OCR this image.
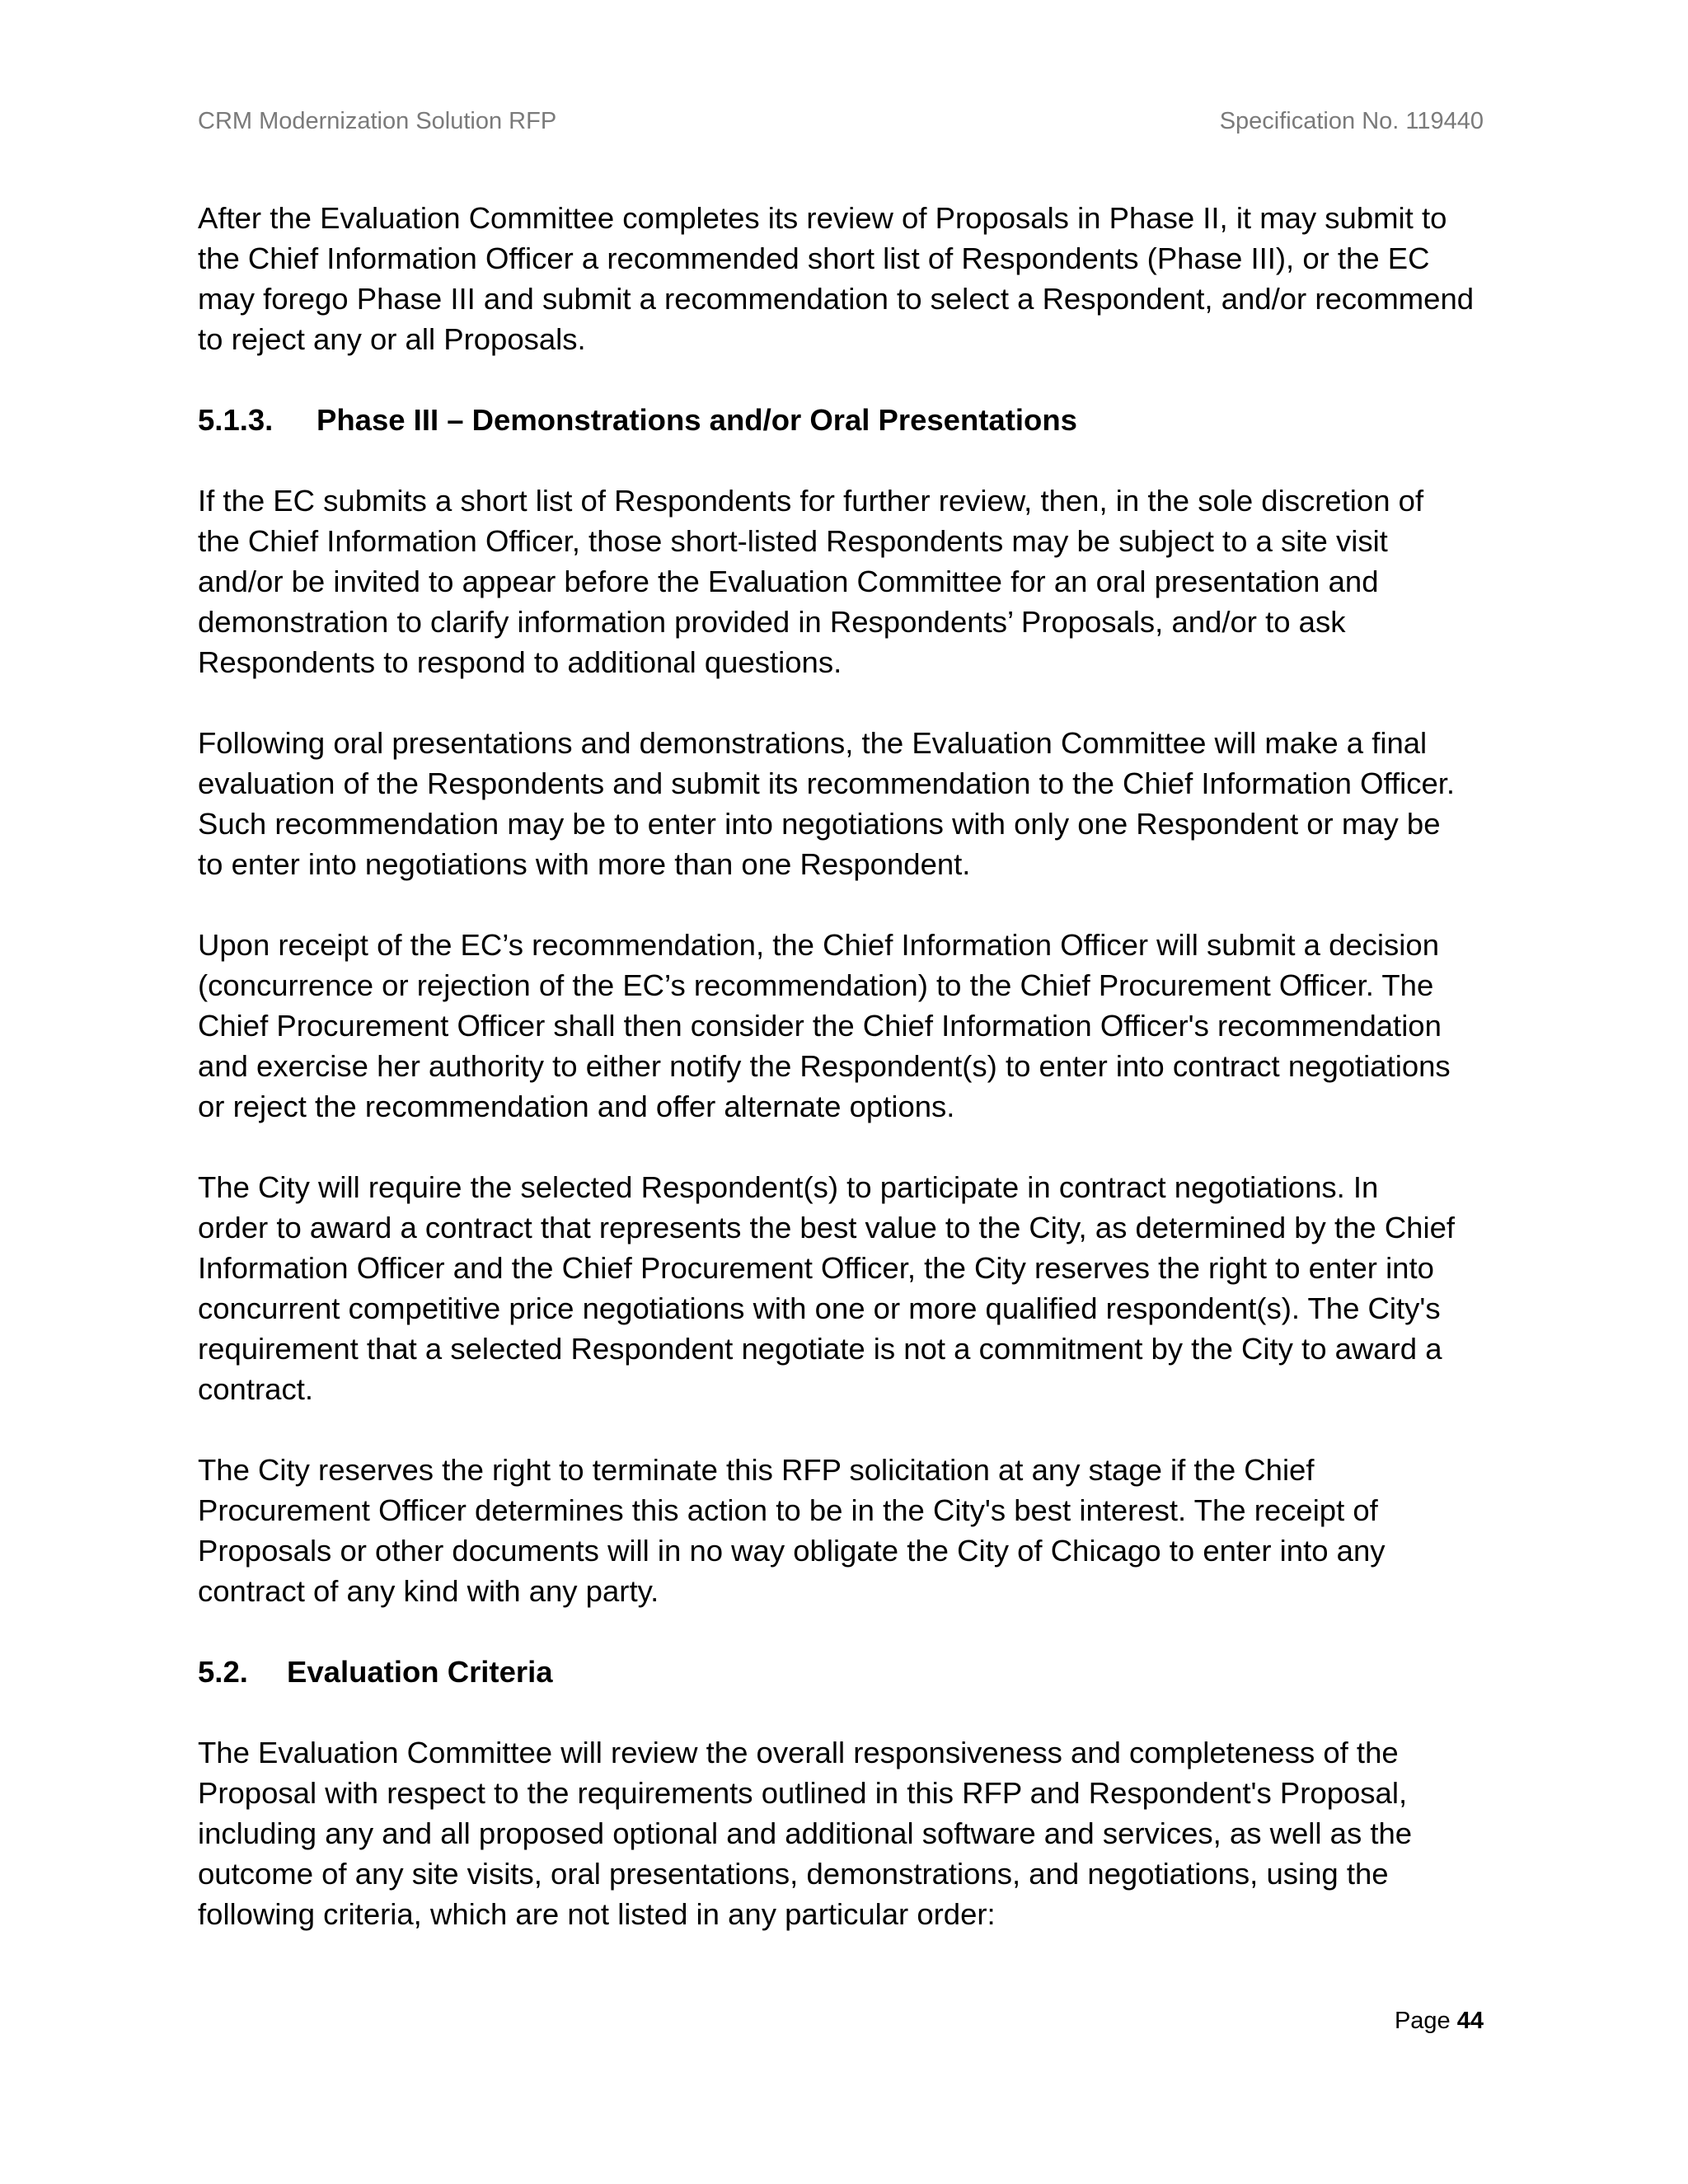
CRM Modernization Solution RFP	Specification No. 119440

After the Evaluation Committee completes its review of Proposals in Phase II, it may submit to
the Chief Information Officer a recommended short list of Respondents (Phase III), or the EC
may forego Phase III and submit a recommendation to select a Respondent, and/or recommend
to reject any or all Proposals.

5.1.3. Phase III – Demonstrations and/or Oral Presentations

If the EC submits a short list of Respondents for further review, then, in the sole discretion of
the Chief Information Officer, those short-listed Respondents may be subject to a site visit
and/or be invited to appear before the Evaluation Committee for an oral presentation and
demonstration to clarify information provided in Respondents’ Proposals, and/or to ask
Respondents to respond to additional questions.

Following oral presentations and demonstrations, the Evaluation Committee will make a final
evaluation of the Respondents and submit its recommendation to the Chief Information Officer.
Such recommendation may be to enter into negotiations with only one Respondent or may be
to enter into negotiations with more than one Respondent.

Upon receipt of the EC’s recommendation, the Chief Information Officer will submit a decision
(concurrence or rejection of the EC’s recommendation) to the Chief Procurement Officer. The
Chief Procurement Officer shall then consider the Chief Information Officer's recommendation
and exercise her authority to either notify the Respondent(s) to enter into contract negotiations
or reject the recommendation and offer alternate options.

The City will require the selected Respondent(s) to participate in contract negotiations. In
order to award a contract that represents the best value to the City, as determined by the Chief
Information Officer and the Chief Procurement Officer, the City reserves the right to enter into
concurrent competitive price negotiations with one or more qualified respondent(s). The City's
requirement that a selected Respondent negotiate is not a commitment by the City to award a
contract.

The City reserves the right to terminate this RFP solicitation at any stage if the Chief
Procurement Officer determines this action to be in the City's best interest. The receipt of
Proposals or other documents will in no way obligate the City of Chicago to enter into any
contract of any kind with any party.

5.2. Evaluation Criteria

The Evaluation Committee will review the overall responsiveness and completeness of the
Proposal with respect to the requirements outlined in this RFP and Respondent's Proposal,
including any and all proposed optional and additional software and services, as well as the
outcome of any site visits, oral presentations, demonstrations, and negotiations, using the
following criteria, which are not listed in any particular order:

Page 44
